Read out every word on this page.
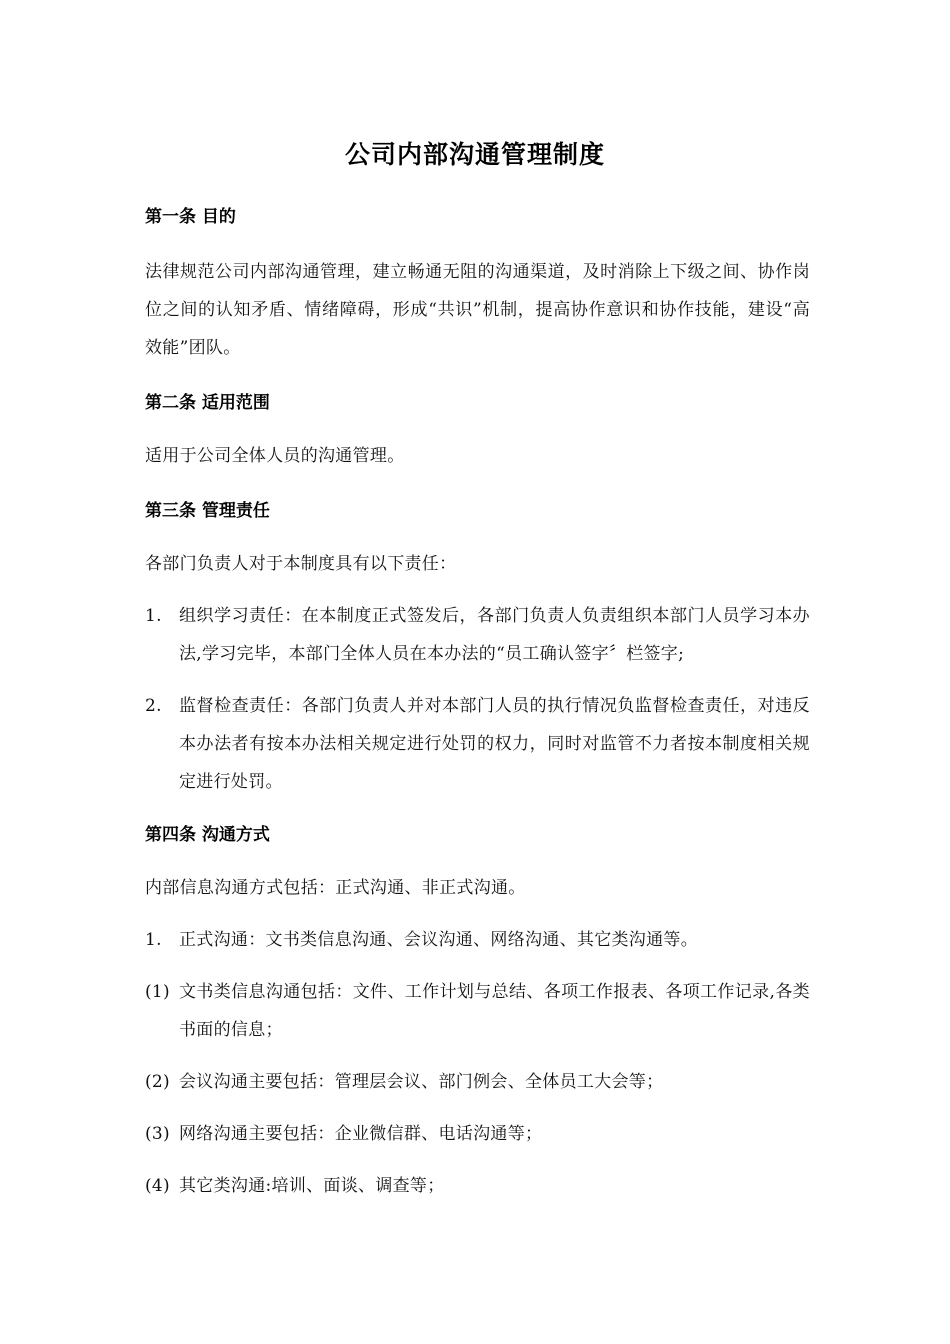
公司内部沟通管理制度
第一条 目的
法律规范公司内部沟通管理，建立畅通无阻的沟通渠道，及时消除上下级之间、协作岗位之间的认知矛盾、情绪障碍，形成“共识”机制，提高协作意识和协作技能，建设“高效能”团队。
第二条 适用范围
适用于公司全体人员的沟通管理。
第三条 管理责任
各部门负责人对于本制度具有以下责任：
1.	组织学习责任：在本制度正式签发后，各部门负责人负责组织本部门人员学习本办法,学习完毕，本部门全体人员在本办法的“员工确认签字〞栏签字;
2.	监督检查责任：各部门负责人并对本部门人员的执行情况负监督检查责任，对违反本办法者有按本办法相关规定进行处罚的权力，同时对监管不力者按本制度相关规定进行处罚。
第四条 沟通方式
内部信息沟通方式包括：正式沟通、非正式沟通。
1.	正式沟通：文书类信息沟通、会议沟通、网络沟通、其它类沟通等。
(1) 文书类信息沟通包括：文件、工作计划与总结、各项工作报表、各项工作记录,各类书面的信息；
(2) 会议沟通主要包括：管理层会议、部门例会、全体员工大会等；
(3) 网络沟通主要包括：企业微信群、电话沟通等；
(4) 其它类沟通:培训、面谈、调查等；
